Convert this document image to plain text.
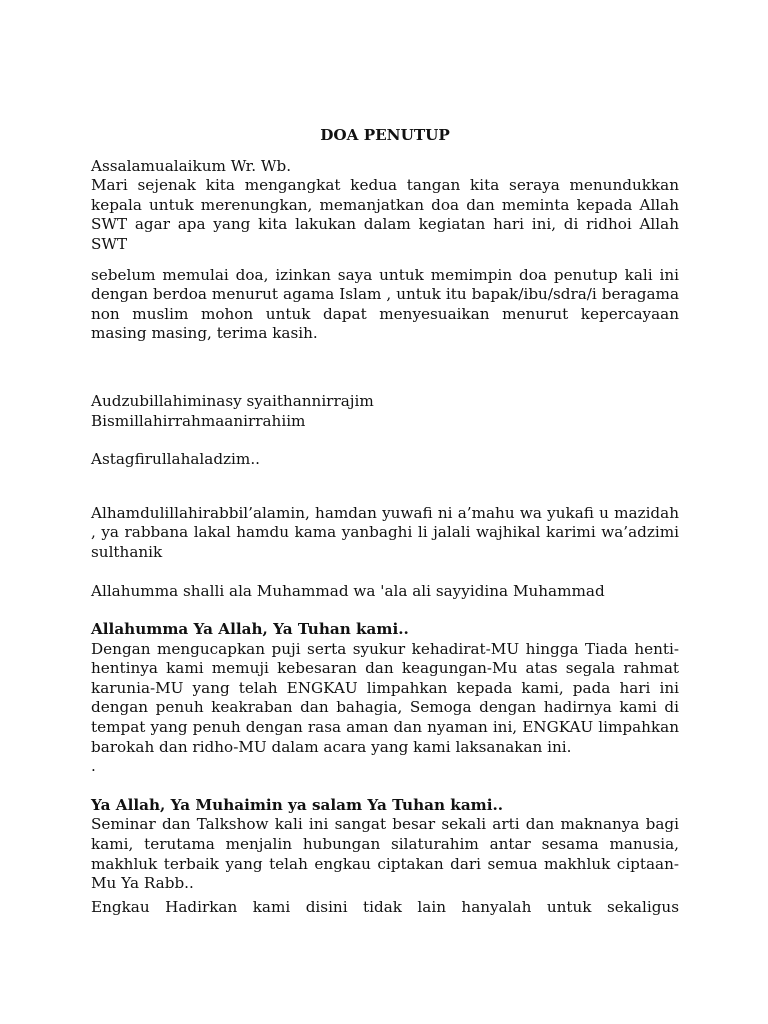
DOA PENUTUP

Assalamualaikum Wr. Wb.

Mari sejenak kita mengangkat kedua tangan kita seraya menundukkan kepala untuk merenungkan, memanjatkan doa dan meminta kepada Allah SWT agar apa yang kita lakukan dalam kegiatan hari ini, di ridhoi Allah SWT

sebelum memulai doa, izinkan saya untuk memimpin doa penutup kali ini dengan berdoa menurut agama Islam , untuk itu bapak/ibu/sdra/i beragama non muslim mohon untuk dapat menyesuaikan menurut kepercayaan masing masing, terima kasih.

Audzubillahiminasy syaithannirrajim

Bismillahirrahmaanirrahiim

Astagfirullahaladzim..

Alhamdulillahirabbil’alamin, hamdan yuwafi ni a’mahu wa yukafi u mazidah , ya rabbana lakal hamdu kama yanbaghi li jalali wajhikal karimi wa’adzimi sulthanik

Allahumma shalli ala Muhammad wa 'ala ali sayyidina Muhammad

Allahumma Ya Allah, Ya Tuhan kami..

Dengan mengucapkan puji serta syukur kehadirat-MU hingga Tiada henti-hentinya kami memuji kebesaran dan keagungan-Mu atas segala rahmat karunia-MU yang telah ENGKAU limpahkan kepada kami, pada hari ini dengan penuh keakraban dan bahagia, Semoga dengan hadirnya kami di tempat yang penuh dengan rasa aman dan nyaman ini, ENGKAU limpahkan barokah dan ridho-MU dalam acara yang kami laksanakan ini.

.

Ya Allah, Ya Muhaimin ya salam Ya Tuhan kami..

Seminar dan Talkshow kali ini sangat besar sekali arti dan maknanya bagi kami, terutama menjalin hubungan silaturahim antar sesama manusia, makhluk terbaik yang telah engkau ciptakan dari semua makhluk ciptaan-Mu Ya Rabb..

Engkau Hadirkan kami disini tidak lain hanyalah untuk sekaligus
